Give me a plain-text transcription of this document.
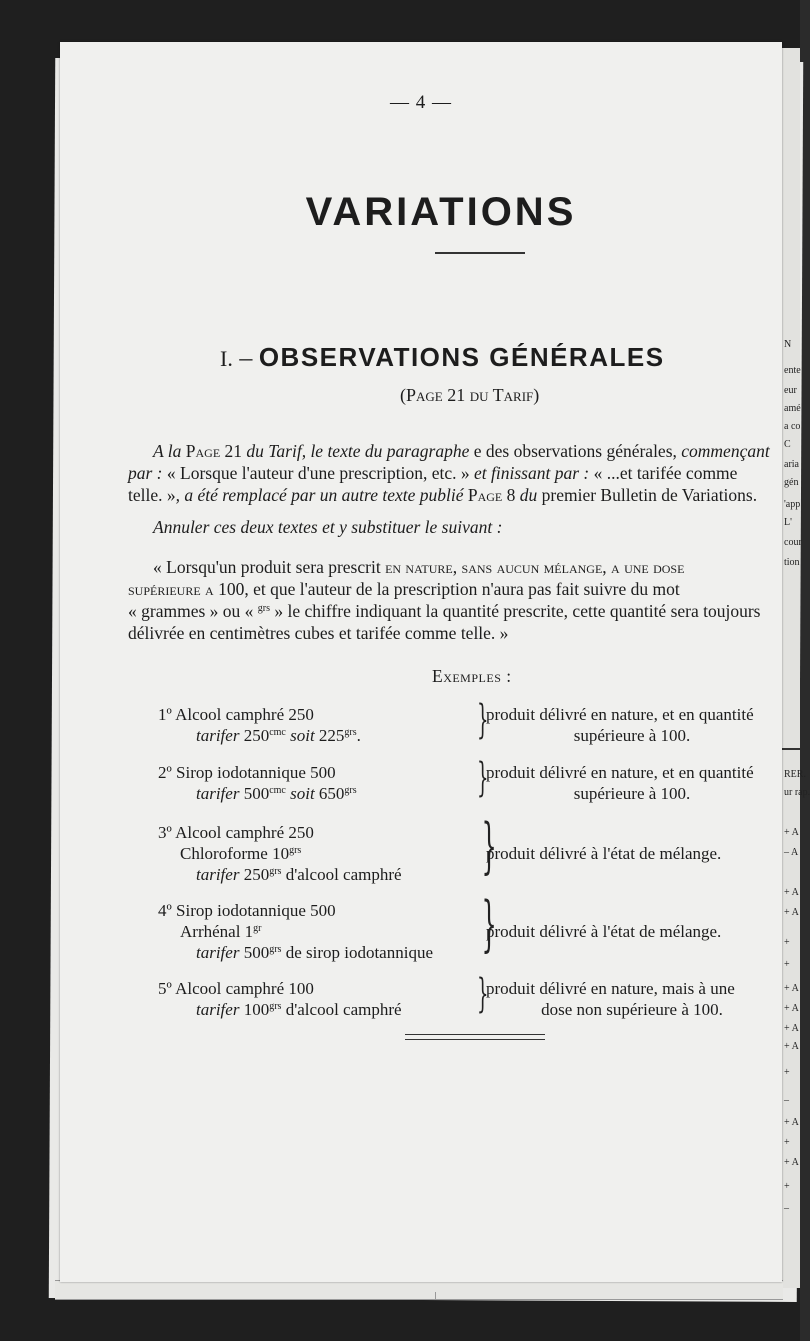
N
ente
eur
amé
a co
C
aria
gén
'app
L'
cour
tion
RER.
ur rap.
+ A
– A
+ A
+ A
+
+
+ A
+ A
+ A
+ A
+
–
+ A
+
+ A
+
–
— 4 —
VARIATIONS
I. – OBSERVATIONS GÉNÉRALES
(Page 21 du Tarif)
A la Page 21 du Tarif, le texte du paragraphe e des observations générales, commençant
par : « Lorsque l'auteur d'une prescription, etc. » et finissant par : « ...et tarifée comme
telle. », a été remplacé par un autre texte publié Page 8 du premier Bulletin de Variations.
Annuler ces deux textes et y substituer le suivant :
« Lorsqu'un produit sera prescrit en nature, sans aucun mélange, a une dose
supérieure a 100, et que l'auteur de la prescription n'aura pas fait suivre du mot
« grammes » ou « $^{grs}$ » le chiffre indiquant la quantité prescrite, cette quantité sera toujours
délivrée en centimètres cubes et tarifée comme telle. »
Exemples :
1º Alcool camphré 250
tarifer $250^{cmc}$ soit $225^{grs}$.	}
produit délivré en nature, et en quantité
supérieure à 100.
2º Sirop iodotannique 500
tarifer $500^{cmc}$ soit $650^{grs}$	}
produit délivré en nature, et en quantité
supérieure à 100.
3º Alcool camphré 250
Chloroforme $10^{grs}$
tarifer $250^{grs}$ d'alcool camphré }
produit délivré à l'état de mélange.
4º Sirop iodotannique 500
Arrhénal $1^{gr}$
tarifer $500^{grs}$ de sirop iodotannique }
produit délivré à l'état de mélange.
5º Alcool camphré 100
tarifer $100^{grs}$ d'alcool camphré }
produit délivré en nature, mais à une
dose non supérieure à 100.
